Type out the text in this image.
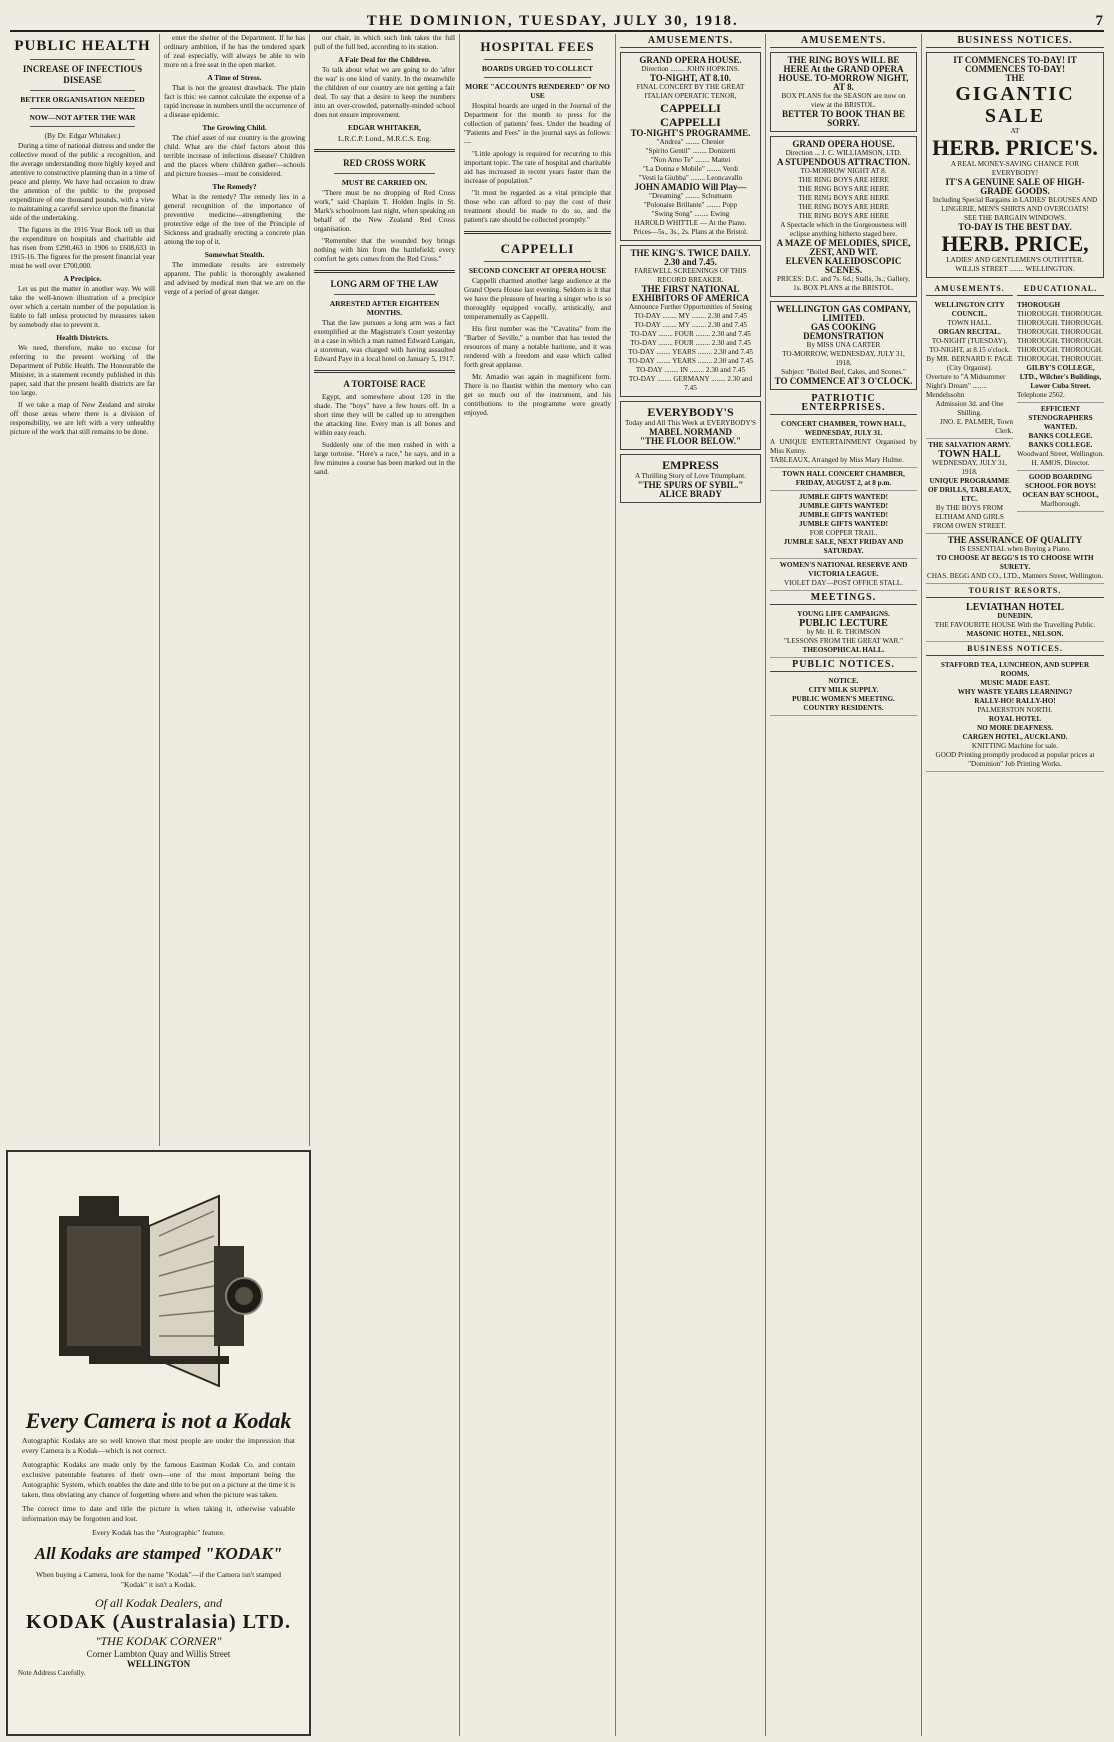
THE DOMINION, TUESDAY, JULY 30, 1918.	7
PUBLIC HEALTH
INCREASE OF INFECTIOUS DISEASE
BETTER ORGANISATION NEEDED
NOW—NOT AFTER THE WAR
(By Dr. Edgar Whitaker.)

During a time of national distress and under the collective mood of the public a recognition, and the average understanding more highly keyed and attentive to constructive planning than in a time of peace and plenty. We have had occasion to draw the attention of the public to the proposed expenditure of one thousand pounds, with a view to maintaining a careful service upon the financial side of the undertaking.

The figures in the 1916 Year Book tell us that the expenditure on hospitals and charitable aid has risen from £290,463 in 1906 to £608,633 in 1915-16. The figures for the present financial year must be well over £700,000.

A Precipice.

Let us put the matter in another way. We will take the well-known illustration of a precipice over which a certain number of the population is liable to fall unless protected by measures taken by somebody else to prevent it.

Health Districts.

We need, therefore, make no excuse for referring to the present working of the Department of Public Health. The Honourable the Minister, in a statement recently published in this paper, said that the present health districts are far too large.

If we take a map of New Zealand and stroke off those areas where there is a division of responsibility, we are left with a very unhealthy picture of the work that still remains to be done.

enter the shelter of the Department. If he has ordinary ambition, if he has the tendered spark of zeal especially, will always be able to win more on a free seat in the open market.

A Time of Stress.

That is not the greatest drawback. The plain fact is this: we cannot calculate the expense of a rapid increase in numbers until the occurrence of a disease epidemic.

The Growing Child.

The chief asset of our country is the growing child. What are the chief factors about this terrible increase of infectious disease? Children and the places where children gather—schools and picture houses—must be considered.

The Remedy?

What is the remedy? The remedy lies in a general recognition of the importance of preventive medicine—strengthening the protective edge of the tree of the Principle of Sickness and gradually erecting a concrete plan among the top of it.

Somewhat Stealth.

The immediate results are extremely apparent. The public is thoroughly awakened and advised by medical men that we are on the verge of a period of great danger.

Every Camera is not a Kodak
Autographic Kodaks are so well known that most people are under the impression that every Camera is a Kodak—which is not correct.
Autographic Kodaks are made only by the famous Eastman Kodak Co. and contain exclusive patentable features of their own—one of the most important being the Autographic System, which enables the date and title to be put on a picture at the time it is taken, thus obviating any chance of forgetting where and when the picture was taken.
The correct time to date and title the picture is when taking it, otherwise valuable information may be forgotten and lost.
Every Kodak has the "Autographic" feature.
All Kodaks are stamped "KODAK"
When buying a Camera, look for the name "Kodak"—if the Camera isn't stamped "Kodak" it isn't a Kodak.
Of all Kodak Dealers, and
KODAK (Australasia) LTD.
"THE KODAK CORNER"
Corner Lambton Quay and Willis Street
WELLINGTON
Note Address Carefully.

our chair, in which such link takes the full pull of the full bed, according to its station.

A Fair Deal for the Children.

To talk about what we are going to do 'after the war' is one kind of vanity. In the meanwhile the children of our country are not getting a fair deal. To say that a desire to keep the numbers into an over-crowded, paternally-minded school does not ensure improvement.

EDGAR WHITAKER,
L.R.C.P. Lond., M.R.C.S. Eng.
RED CROSS WORK
MUST BE CARRIED ON.

"There must be no dropping of Red Cross work," said Chaplain T. Holden Inglis in St. Mark's schoolroom last night, when speaking on behalf of the New Zealand Red Cross organisation.

"Remember that the wounded boy brings nothing with him from the battlefield; every comfort he gets comes from the Red Cross."

LONG ARM OF THE LAW
ARRESTED AFTER EIGHTEEN MONTHS.

That the law pursues a long arm was a fact exemplified at the Magistrate's Court yesterday in a case in which a man named Edward Langan, a storeman, was charged with having assaulted Edward Paye in a local hotel on January 5, 1917.

A TORTOISE RACE

Egypt, and somewhere about 120 in the shade. The "boys" have a few hours off. In a short time they will be called up to strengthen the attacking line. Every man is all bones and within easy reach.

Suddenly one of the men rushed in with a large tortoise. "Here's a race," he says, and in a few minutes a course has been marked out in the sand.

HOSPITAL FEES
BOARDS URGED TO COLLECT
MORE "ACCOUNTS RENDERED" OF NO USE

Hospital boards are urged in the Journal of the Department for the month to press for the collection of patients' fees. Under the heading of "Patients and Fees" in the journal says as follows:—

"Little apology is required for recurring to this important topic. The rate of hospital and charitable aid has increased in recent years faster than the increase of population."

"It must be regarded as a vital principle that those who can afford to pay the cost of their treatment should be made to do so, and the patient's rate should be collected promptly."

CAPPELLI
SECOND CONCERT AT OPERA HOUSE

Cappelli charmed another large audience at the Grand Opera House last evening. Seldom is it that we have the pleasure of hearing a singer who is so thoroughly equipped vocally, artistically, and temperamentally as Cappelli.

His first number was the "Cavatina" from the "Barber of Seville," a number that has tested the resources of many a notable baritone, and it was rendered with a freedom and ease which called forth great applause.

Mr. Amadio was again in magnificent form. There is no flautist within the memory who can get so much out of the instrument, and his contributions to the programme were greatly enjoyed.

AMUSEMENTS.
GRAND OPERA HOUSE.
Direction ........ JOHN HOPKINS.
TO-NIGHT, AT 8.10.
FINAL CONCERT BY THE GREAT ITALIAN OPERATIC TENOR,
CAPPELLI
CAPPELLI
TO-NIGHT'S PROGRAMME.
"Andrea" ........ Chenier
"Spirito Gentil" ........ Donizetti
"Non Amo Te" ........ Mattei
"La Donna e Mobile" ........ Verdi
"Vesti la Giubba" ........ Leoncavallo
JOHN AMADIO Will Play—
"Dreaming" ........ Schumann
"Polonaise Brillante" ........ Popp
"Swing Song" ........ Ewing
HAROLD WHITTLE — At the Piano.
Prices—5s., 3s., 2s. Plans at the Bristol.
THE KING'S. TWICE DAILY. 2.30 and 7.45.
FAREWELL SCREENINGS OF THIS RECORD BREAKER.
THE FIRST NATIONAL EXHIBITORS OF AMERICA
Announce Further Opportunities of Seeing
TO-DAY ........ MY ........ 2.30 and 7.45
TO-DAY ........ MY ........ 2.30 and 7.45
TO-DAY ........ FOUR ........ 2.30 and 7.45
TO-DAY ........ FOUR ........ 2.30 and 7.45
TO-DAY ........ YEARS ........ 2.30 and 7.45
TO-DAY ........ YEARS ........ 2.30 and 7.45
TO-DAY ........ IN ........ 2.30 and 7.45
TO-DAY ........ GERMANY ........ 2.30 and 7.45
EVERYBODY'S
Today and All This Week at EVERYBODY'S
MABEL NORMAND
"THE FLOOR BELOW."
EMPRESS
A Thrilling Story of Love Triumphant.
"THE SPURS OF SYBIL."
ALICE BRADY
AMUSEMENTS.
THE RING BOYS WILL BE HERE At the GRAND OPERA HOUSE. TO-MORROW NIGHT, AT 8.
BOX PLANS for the SEASON are now on view at the BRISTOL.
BETTER TO BOOK THAN BE SORRY.
GRAND OPERA HOUSE.
Direction ... J. C. WILLIAMSON, LTD.
A STUPENDOUS ATTRACTION.
TO-MORROW NIGHT AT 8.
THE RING BOYS ARE HERE
THE RING BOYS ARE HERE
THE RING BOYS ARE HERE
THE RING BOYS ARE HERE
THE RING BOYS ARE HERE
A Spectacle which in the Gorgeousness will eclipse anything hitherto staged here.
A MAZE OF MELODIES, SPICE, ZEST, AND WIT.
ELEVEN KALEIDOSCOPIC SCENES.
PRICES: D.C. and 7s. 6d.; Stalls, 3s.; Gallery, 1s. BOX PLANS at the BRISTOL.
WELLINGTON GAS COMPANY, LIMITED.
GAS COOKING DEMONSTRATION
By MISS UNA CARTER
TO-MORROW, WEDNESDAY, JULY 31, 1918.
Subject: "Boiled Beef, Cakes, and Scones."
TO COMMENCE AT 3 O'CLOCK.
PATRIOTIC ENTERPRISES.
CONCERT CHAMBER, TOWN HALL, WEDNESDAY, JULY 31.
A UNIQUE ENTERTAINMENT Organised by Miss Kenny.
TABLEAUX, Arranged by Miss Mary Hulme.
TOWN HALL CONCERT CHAMBER, FRIDAY, AUGUST 2, at 8 p.m.
JUMBLE GIFTS WANTED!
JUMBLE GIFTS WANTED!
JUMBLE GIFTS WANTED!
JUMBLE GIFTS WANTED!
FOR COPPER TRAIL.
JUMBLE SALE, NEXT FRIDAY AND SATURDAY.
WOMEN'S NATIONAL RESERVE AND VICTORIA LEAGUE.
VIOLET DAY—POST OFFICE STALL.
MEETINGS.
YOUNG LIFE CAMPAIGNS.
PUBLIC LECTURE
by Mr. H. R. THOMSON
"LESSONS FROM THE GREAT WAR."
THEOSOPHICAL HALL.
PUBLIC NOTICES.
NOTICE.
CITY MILK SUPPLY.
PUBLIC WOMEN'S MEETING.
COUNTRY RESIDENTS.
BUSINESS NOTICES.
IT COMMENCES TO-DAY! IT COMMENCES TO-DAY!
THE
GIGANTIC SALE
AT
HERB. PRICE'S.
A REAL MONEY-SAVING CHANCE FOR EVERYBODY!
IT'S A GENUINE SALE OF HIGH-GRADE GOODS.
Including Special Bargains in LADIES' BLOUSES AND LINGERIE, MEN'S SHIRTS AND OVERCOATS!
SEE THE BARGAIN WINDOWS.
TO-DAY IS THE BEST DAY.
HERB. PRICE,
LADIES' AND GENTLEMEN'S OUTFITTER.
WILLIS STREET ........ WELLINGTON.
AMUSEMENTS.
WELLINGTON CITY COUNCIL.
TOWN HALL.
ORGAN RECITAL.
TO-NIGHT (TUESDAY), TO-NIGHT, at 8.15 o'clock.
By MR. BERNARD F. PAGE (City Organist).
Overture to "A Midsummer Night's Dream" ........ Mendelssohn
Admission 3d. and One Shilling.
JNO. E. PALMER, Town Clerk.
THE SALVATION ARMY.
TOWN HALL
WEDNESDAY, JULY 31, 1918.
UNIQUE PROGRAMME OF DRILLS, TABLEAUX, ETC.
By THE BOYS FROM ELTHAM AND GIRLS FROM OWEN STREET.
EDUCATIONAL.
THOROUGH
THOROUGH. THOROUGH.
THOROUGH. THOROUGH.
THOROUGH. THOROUGH.
THOROUGH. THOROUGH.
THOROUGH. THOROUGH.
THOROUGH. THOROUGH.
GILBY'S COLLEGE, LTD., Wilcher's Buildings, Lower Cuba Street.
Telephone 2562.
EFFICIENT STENOGRAPHERS WANTED.
BANKS COLLEGE. BANKS COLLEGE.
Woodward Street, Wellington.
H. AMOS, Director.
GOOD BOARDING SCHOOL FOR BOYS!
OCEAN BAY SCHOOL,
Marlborough.
THE ASSURANCE OF QUALITY
IS ESSENTIAL when Buying a Piano.
TO CHOOSE AT BEGG'S IS TO CHOOSE WITH SURETY.
CHAS. BEGG AND CO., LTD., Manners Street, Wellington.
TOURIST RESORTS.
LEVIATHAN HOTEL
DUNEDIN.
THE FAVOURITE HOUSE With the Travelling Public.
MASONIC HOTEL, NELSON.
BUSINESS NOTICES.
STAFFORD TEA, LUNCHEON, AND SUPPER ROOMS.
MUSIC MADE EAST.
WHY WASTE YEARS LEARNING?
RALLY-HO! RALLY-HO!
PALMERSTON NORTH.
ROYAL HOTEL
NO MORE DEAFNESS.
CARGEN HOTEL, AUCKLAND.
KNITTING Machine for sale.
GOOD Printing promptly produced at popular prices at "Dominion" Job Printing Works.
